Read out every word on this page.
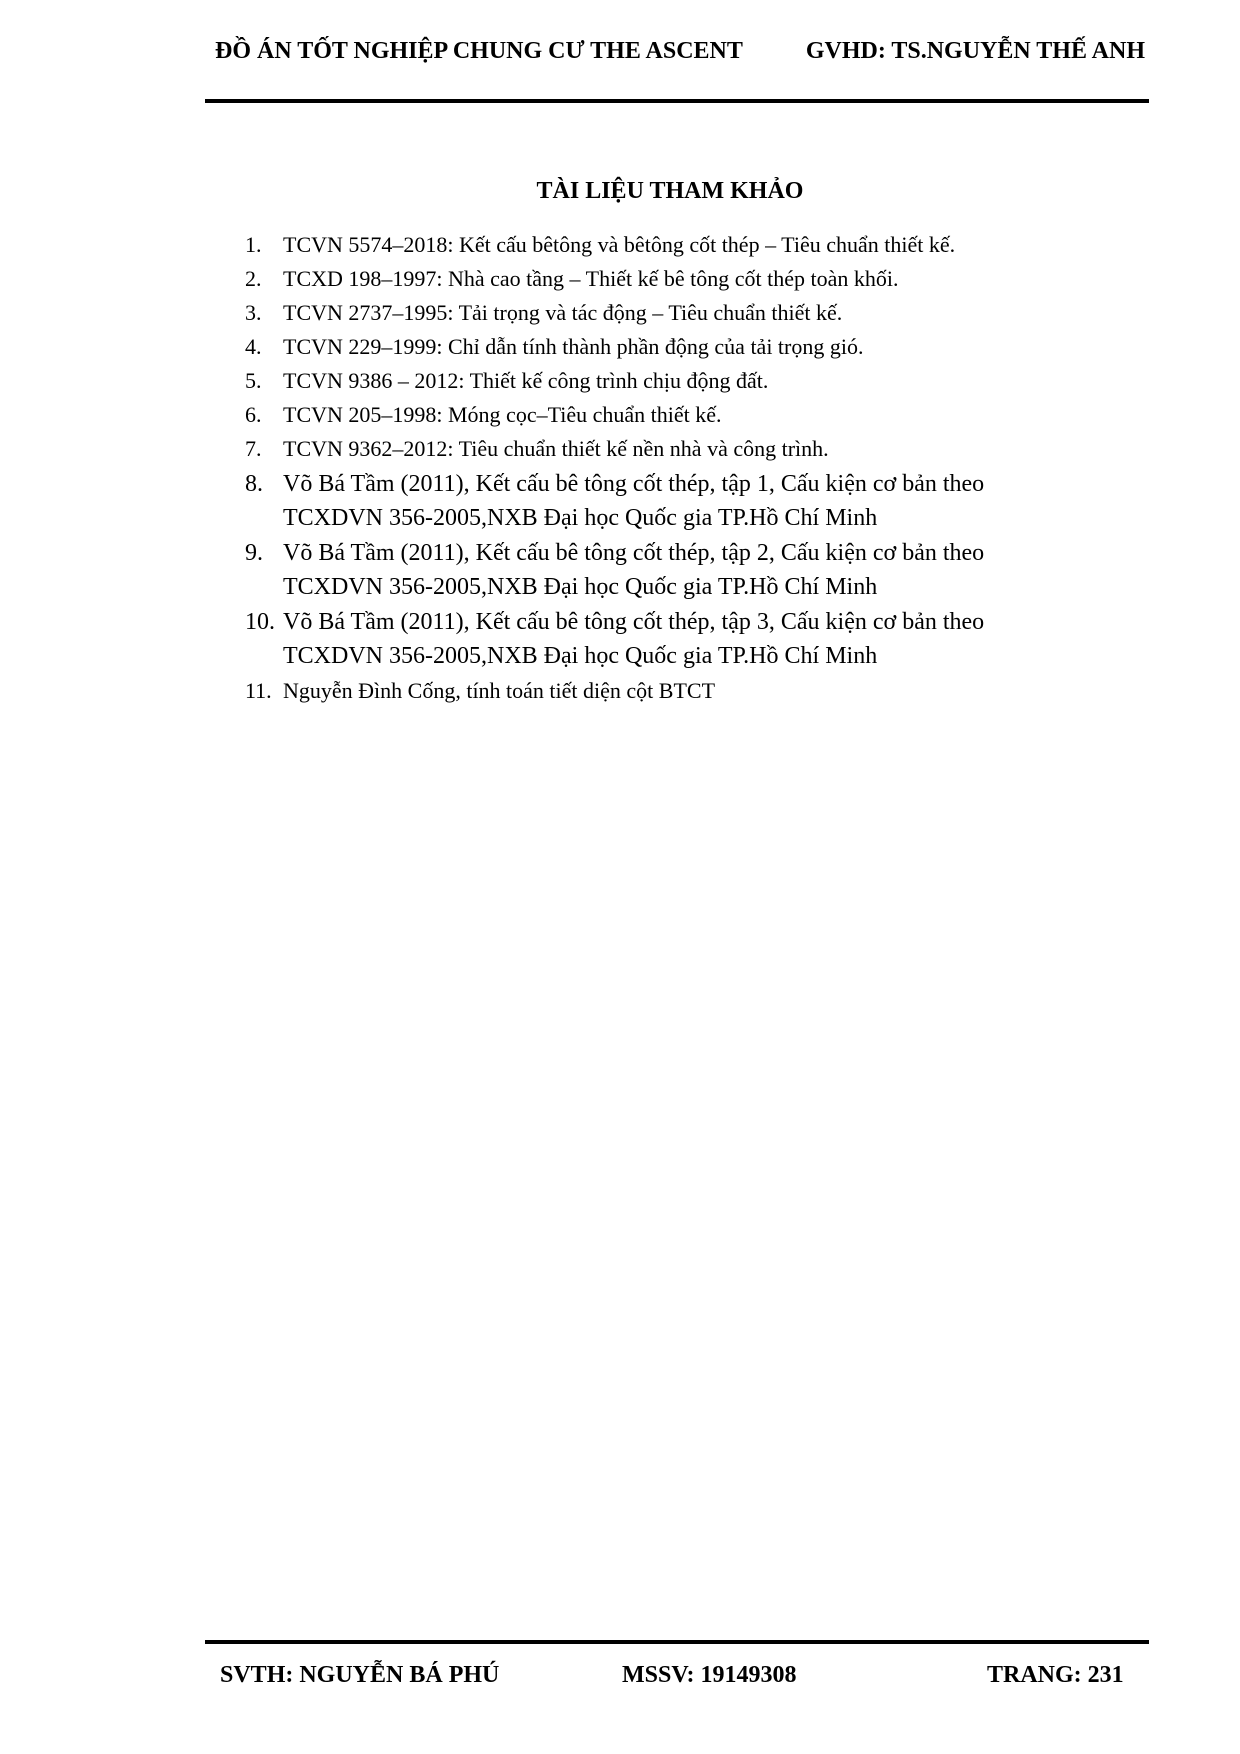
ĐỒ ÁN TỐT NGHIỆP CHUNG CƯ THE ASCENT	GVHD: TS.NGUYỄN THẾ ANH
TÀI LIỆU THAM KHẢO
1. TCVN 5574–2018: Kết cấu bêtông và bêtông cốt thép – Tiêu chuẩn thiết kế.
2. TCXD 198–1997: Nhà cao tầng – Thiết kế bê tông cốt thép toàn khối.
3. TCVN 2737–1995: Tải trọng và tác động – Tiêu chuẩn thiết kế.
4. TCVN 229–1999: Chỉ dẫn tính thành phần động của tải trọng gió.
5. TCVN 9386 – 2012: Thiết kế công trình chịu động đất.
6. TCVN 205–1998: Móng cọc–Tiêu chuẩn thiết kế.
7. TCVN 9362–2012: Tiêu chuẩn thiết kế nền nhà và công trình.
8. Võ Bá Tầm (2011), Kết cấu bê tông cốt thép, tập 1, Cấu kiện cơ bản theo
TCXDVN 356-2005,NXB Đại học Quốc gia TP.Hồ Chí Minh
9. Võ Bá Tầm (2011), Kết cấu bê tông cốt thép, tập 2, Cấu kiện cơ bản theo
TCXDVN 356-2005,NXB Đại học Quốc gia TP.Hồ Chí Minh
10. Võ Bá Tầm (2011), Kết cấu bê tông cốt thép, tập 3, Cấu kiện cơ bản theo
TCXDVN 356-2005,NXB Đại học Quốc gia TP.Hồ Chí Minh
11. Nguyễn Đình Cống, tính toán tiết diện cột BTCT
SVTH: NGUYỄN BÁ PHÚ	MSSV: 19149308	TRANG: 231
